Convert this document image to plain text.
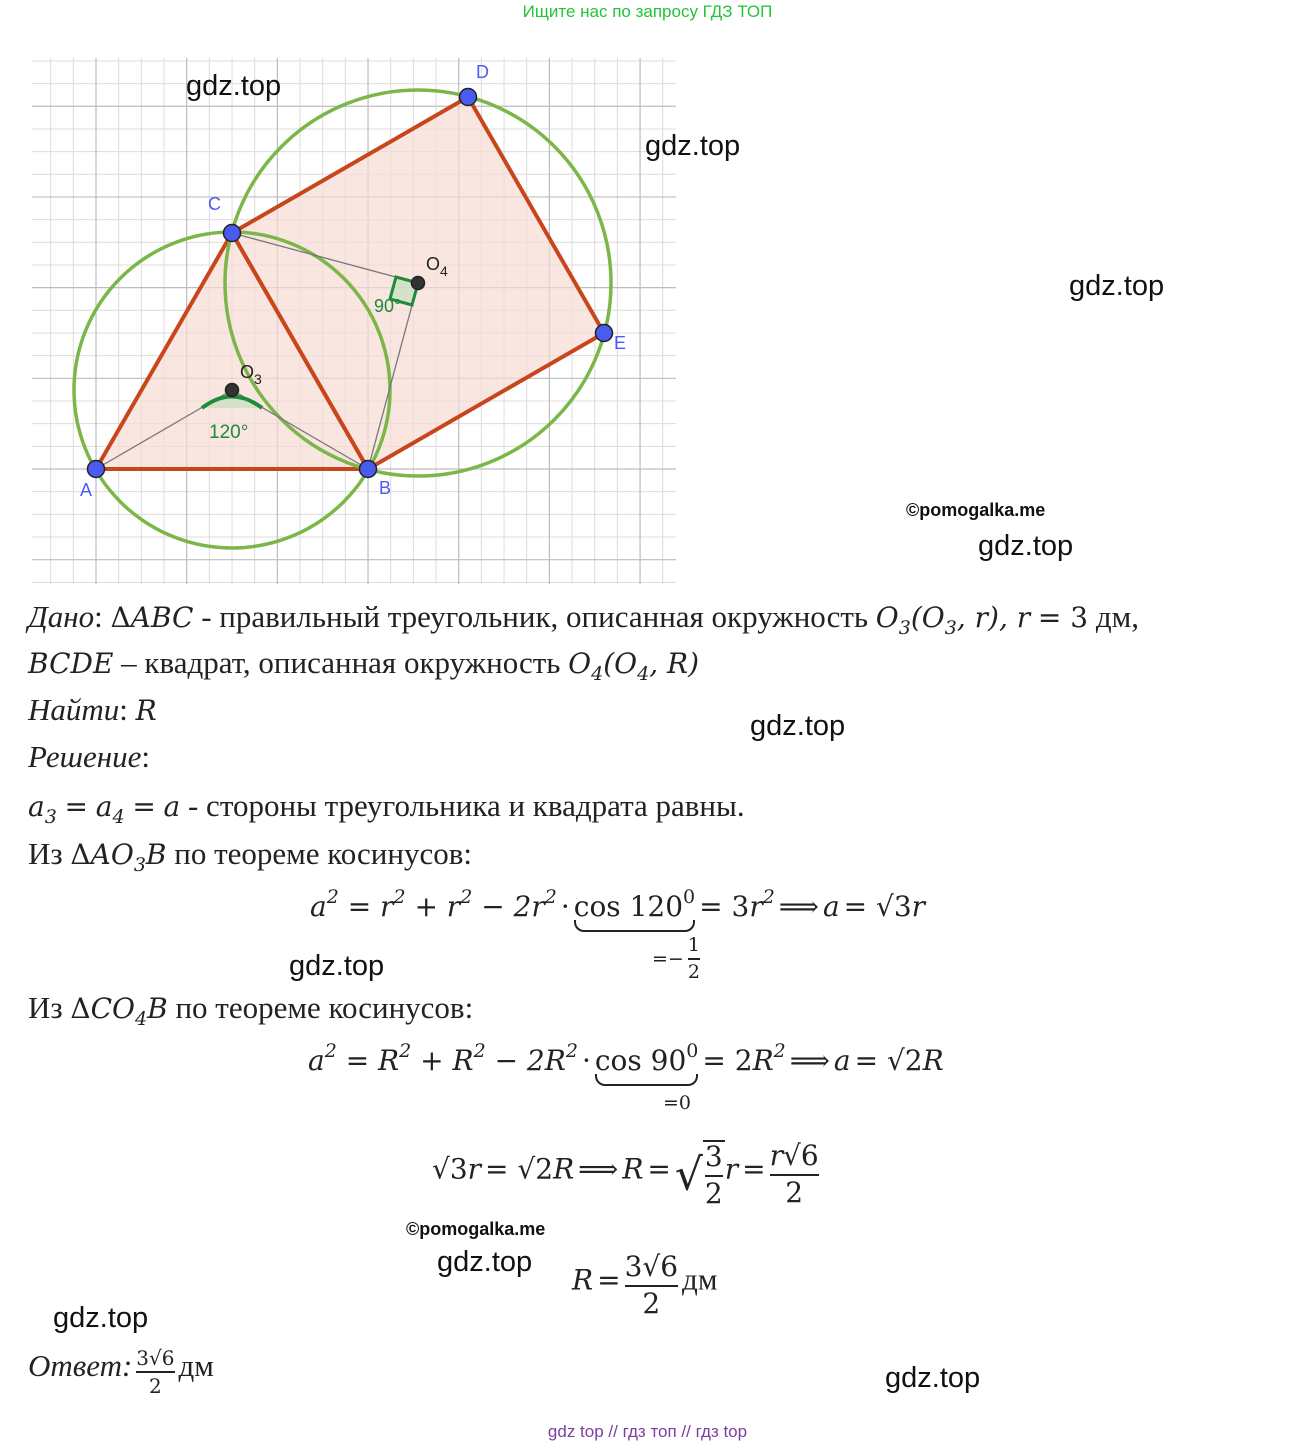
Ищите нас по запросу ГДЗ ТОП
120°
90°
A	B
C
D
E
$O_3$
$O_4$
gdz.top
gdz.top
gdz.top
gdz.top
gdz.top
gdz.top
gdz.top
gdz.top
gdz.top
©pomogalka.me
©pomogalka.me
Дано: ΔABC - правильный треугольник, описанная окружность $O_3(O_3$, r), r = 3 дм,
BCDE – квадрат, описанная окружность $O_4(O_4$, R)
Найти: R
Решение:
$a_3 = a_4 = a$ - стороны треугольника и квадрата равны.
Из $\Delta AO_3B$ по теореме косинусов:
$a^2 = r^2 + r^2 - 2r^2 \cdot \cos 120^0 = 3r^2$ ⟹ a = √3r
=− $\frac{1}{2}$
Из $\Delta CO_4B$ по теореме косинусов:
$a^2 = R^2 + R^2 - 2R^2 \cdot \cos 90^0 = 2R^2$ ⟹ a = √2R
=0
√3r = √2R ⟹ R = √ $\frac{3}{2}$ $r = \frac{r√6}{2}$
$R = \frac{3√6}{2}$ дм
Ответ: $\frac{3√6}{2}$ дм
gdz top // гдз топ // гдз top
